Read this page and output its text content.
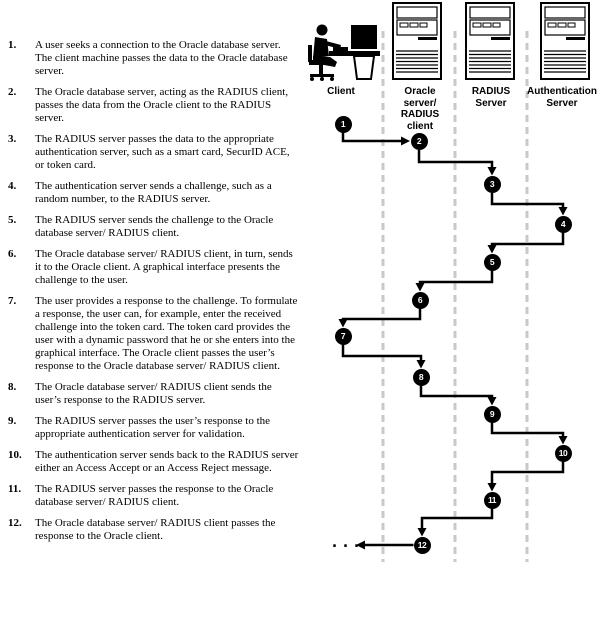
1.	A user seeks a connection to the Oracle database server. The client machine passes the data to the Oracle database server.
2.	The Oracle database server, acting as the RADIUS client, passes the data from the Oracle client to the RADIUS server.
3.	The RADIUS server passes the data to the appropriate authentication server, such as a smart card, SecurID ACE, or token card.
4.	The authentication server sends a challenge, such as a random number, to the RADIUS server.
5.	The RADIUS server sends the challenge to the Oracle database server/ RADIUS client.
6.	The Oracle database server/ RADIUS client, in turn, sends it to the Oracle client. A graphical interface presents the challenge to the user.
7.	The user provides a response to the challenge. To formulate a response, the user can, for example, enter the received challenge into the token card. The token card provides the user with a dynamic password that he or she enters into the graphical interface. The Oracle client passes the user’s response to the Oracle database server/ RADIUS client.
8.	The Oracle database server/ RADIUS client sends the user’s response to the RADIUS server.
9.	The RADIUS server passes the user’s response to the appropriate authentication server for validation.
10.	The authentication server sends back to the RADIUS server either an Access Accept or an Access Reject message.
11.	The RADIUS server passes the response to the Oracle database server/ RADIUS client.
12.	The Oracle database server/ RADIUS client passes the response to the Oracle client.
Client	Oracle
server/
RADIUS
client
RADIUS
Server
Authentication
Server
1
2
3
4
5
6
7
8
9
10
11
12
...
